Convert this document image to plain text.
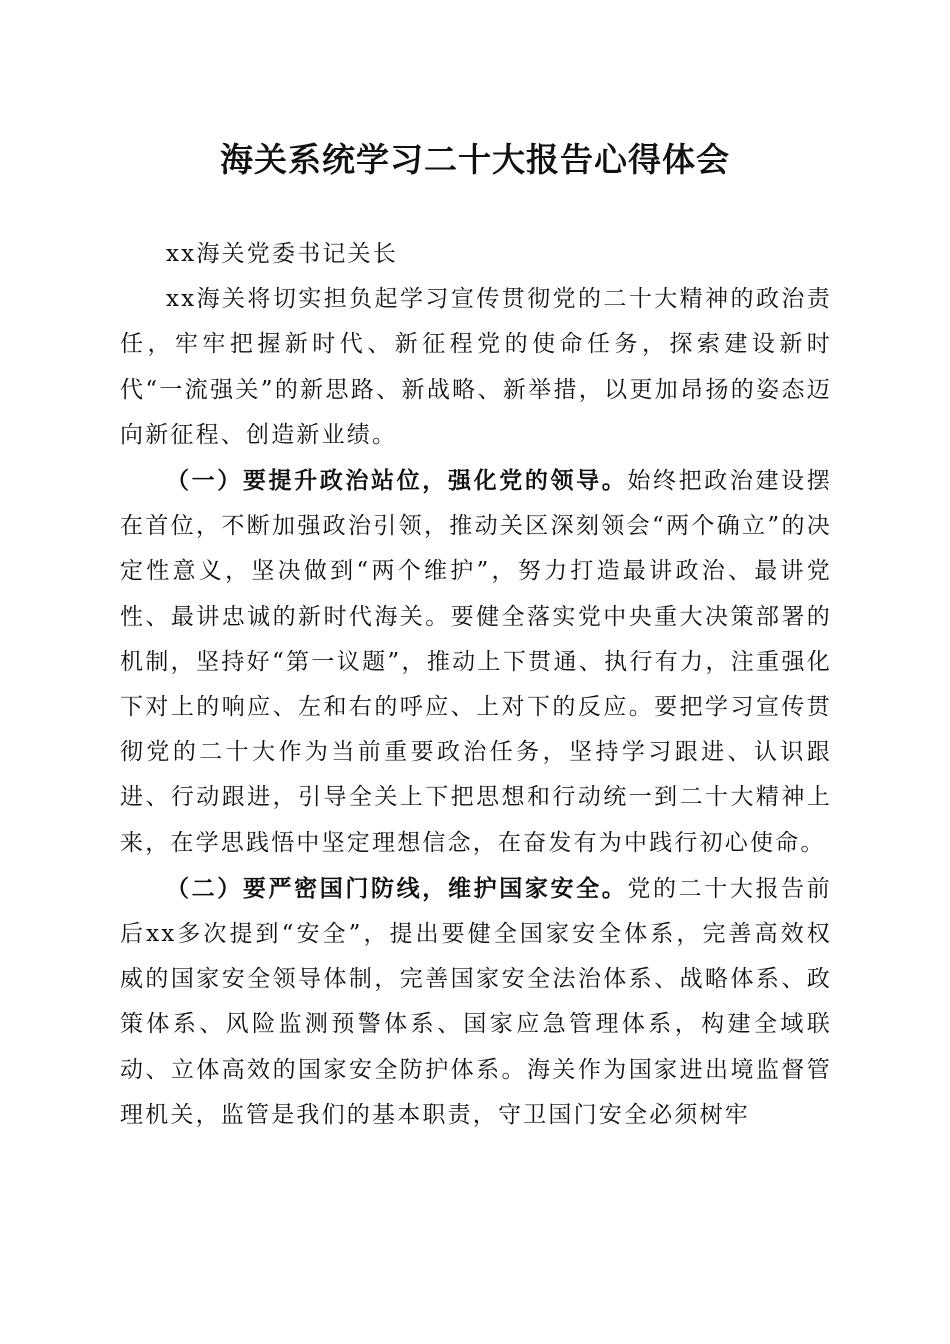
海关系统学习二十大报告心得体会

xx海关党委书记关长

xx海关将切实担负起学习宣传贯彻党的二十大精神的政治责任，牢牢把握新时代、新征程党的使命任务，探索建设新时代“一流强关”的新思路、新战略、新举措，以更加昂扬的姿态迈向新征程、创造新业绩。

（一）要提升政治站位，强化党的领导。始终把政治建设摆在首位，不断加强政治引领，推动关区深刻领会“两个确立”的决定性意义，坚决做到“两个维护”，努力打造最讲政治、最讲党性、最讲忠诚的新时代海关。要健全落实党中央重大决策部署的机制，坚持好“第一议题”，推动上下贯通、执行有力，注重强化下对上的响应、左和右的呼应、上对下的反应。要把学习宣传贯彻党的二十大作为当前重要政治任务，坚持学习跟进、认识跟进、行动跟进，引导全关上下把思想和行动统一到二十大精神上来，在学思践悟中坚定理想信念，在奋发有为中践行初心使命。

（二）要严密国门防线，维护国家安全。党的二十大报告前后xx多次提到“安全”，提出要健全国家安全体系，完善高效权威的国家安全领导体制，完善国家安全法治体系、战略体系、政策体系、风险监测预警体系、国家应急管理体系，构建全域联动、立体高效的国家安全防护体系。海关作为国家进出境监督管理机关，监管是我们的基本职责，守卫国门安全必须树牢
